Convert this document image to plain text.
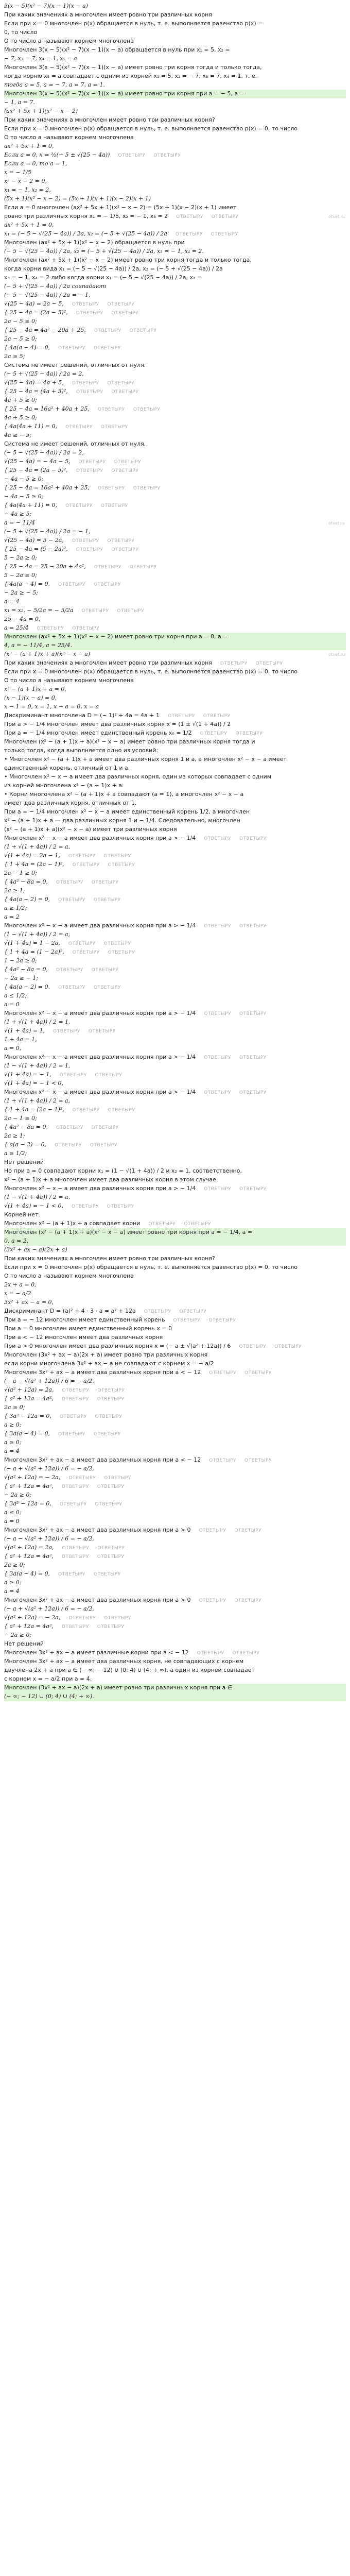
3(x − 5)(x² − 7)(x − 1)(x − a)
При каких значениях a многочлен имеет ровно три различных корня
Если при x = 0 многочлен p(x) обращается в нуль, т. е. выполняется равенство p(x) =
0, то число
О то число a называют корнем многочлена
Многочлен 3(x − 5)(x² − 7)(x − 1)(x − a) обращается в нуль при x₁ = 5, x₂ =
− 7, x₃ = 7, x₄ = 1, x₅ = a
Многочлен 3(x − 5)(x² − 7)(x − 1)(x − a) имеет ровно три корня тогда и только тогда,
когда корню x₅ = a совпадает с одним из корней x₁ = 5, x₂ = − 7, x₃ = 7, x₄ = 1, т. е.
тогда a = 5, a = − 7, a = 7, a = 1.
Многочлен 3(x − 5)(x² − 7)(x − 1)(x − a) имеет ровно три корня при a = − 5, a =
− 1, a = 7.
(ax² + 5x + 1)(x² − x − 2)
При каких значениях a многочлен имеет ровно три различных корня?
Если при x = 0 многочлен p(x) обращается в нуль, т. е. выполняется равенство p(x) = 0, то число
О то число a называют корнем многочлена
ax² + 5x + 1 = 0,
Если a = 0, x = ½(− 5 ± √(25 − 4a)) ОТВЕТЫРУ ОТВЕТЫРУ
Если a = 0, то a = 1,
x = − 1/5
x² − x − 2 = 0,
x₁ = − 1, x₂ = 2,
(5x + 1)(x² − x − 2) = (5x + 1)(x + 1)(x − 2)(x + 1)
Если a = 0 многочлен (ax² + 5x + 1)(x² − x − 2) = (5x + 1)(x − 2)(x + 1) имеет
ровно три различных корня x₁ = − 1/5, x₂ = − 1, x₃ = 2 ОТВЕТЫРУ ОТВЕТЫРУ	otvet.ru
ax² + 5x + 1 = 0,
x₁ = (− 5 − √(25 − 4a)) / 2a, x₂ = (− 5 + √(25 − 4a)) / 2a ОТВЕТЫРУ ОТВЕТЫРУ
Многочлен (ax² + 5x + 1)(x² − x − 2) обращается в нуль при
(− 5 − √(25 − 4a)) / 2a, x₂ = (− 5 + √(25 − 4a)) / 2a, x₃ = − 1, x₄ = 2.
Многочлен (ax² + 5x + 1)(x² − x − 2) имеет ровно три корня тогда и только тогда,
когда корни вида x₁ = (− 5 − √(25 − 4a)) / 2a, x₂ = (− 5 + √(25 − 4a)) / 2a
x₃ = − 1, x₄ = 2 либо когда корни x₁ = (− 5 − √(25 − 4a)) / 2a, x₂ =
(− 5 + √(25 − 4a)) / 2a совпадают
(− 5 − √(25 − 4a)) / 2a = − 1,
√(25 − 4a) = 2a − 5, ОТВЕТЫРУ ОТВЕТЫРУ
{ 25 − 4a = (2a − 5)², ОТВЕТЫРУ ОТВЕТЫРУ
2a − 5 ≥ 0;
{ 25 − 4a = 4a² − 20a + 25, ОТВЕТЫРУ ОТВЕТЫРУ
2a − 5 ≥ 0;
{ 4a(a − 4) = 0, ОТВЕТЫРУ ОТВЕТЫРУ
2a ≥ 5;
Система не имеет решений, отличных от нуля.
(− 5 + √(25 − 4a)) / 2a = 2,
√(25 − 4a) = 4a + 5, ОТВЕТЫРУ ОТВЕТЫРУ
{ 25 − 4a = (4a + 5)², ОТВЕТЫРУ ОТВЕТЫРУ
4a + 5 ≥ 0;
{ 25 − 4a = 16a² + 40a + 25, ОТВЕТЫРУ ОТВЕТЫРУ
4a + 5 ≥ 0;
{ 4a(4a + 11) = 0, ОТВЕТЫРУ ОТВЕТЫРУ
4a ≥ − 5;
Система не имеет решений, отличных от нуля.
(− 5 − √(25 − 4a)) / 2a = 2,
√(25 − 4a) = − 4a − 5, ОТВЕТЫРУ ОТВЕТЫРУ
{ 25 − 4a = (2a − 5)², ОТВЕТЫРУ ОТВЕТЫРУ
− 4a − 5 ≥ 0;
{ 25 − 4a = 16a² + 40a + 25, ОТВЕТЫРУ ОТВЕТЫРУ
− 4a − 5 ≥ 0;
{ 4a(4a + 11) = 0, ОТВЕТЫРУ ОТВЕТЫРУ
− 4a ≥ 5;
a = − 11/4	otvet.ru
(− 5 + √(25 − 4a)) / 2a = − 1,
√(25 − 4a) = 5 − 2a, ОТВЕТЫРУ ОТВЕТЫРУ
{ 25 − 4a = (5 − 2a)², ОТВЕТЫРУ ОТВЕТЫРУ
5 − 2a ≥ 0;
{ 25 − 4a = 25 − 20a + 4a², ОТВЕТЫРУ ОТВЕТЫРУ
5 − 2a ≥ 0;
{ 4a(a − 4) = 0, ОТВЕТЫРУ ОТВЕТЫРУ
− 2a ≥ − 5;
a = 4
x₁ = x₂, − 5/2a = − 5/2a ОТВЕТЫРУ ОТВЕТЫРУ
25 − 4a = 0,
a = 25/4 ОТВЕТЫРУ ОТВЕТЫРУ
Многочлен (ax² + 5x + 1)(x² − x − 2) имеет ровно три корня при a = 0, a =
4, a = − 11/4, a = 25/4.
(x² − (a + 1)x + a)(x² − x − a)	otvet.ru
При каких значениях a многочлен имеет ровно три различных корня ОТВЕТЫРУ ОТВЕТЫРУ
Если при x = 0 многочлен p(x) обращается в нуль, т. е. выполняется равенство p(x) = 0, то число
О то число a называют корнем многочлена
x² − (a + 1)x + a = 0,
(x − 1)(x − a) = 0,
x − 1 = 0, x = 1, x − a = 0, x = a
Дискриминант многочлена D = (− 1)² + 4a = 4a + 1 ОТВЕТЫРУ ОТВЕТЫРУ
При a > − 1/4 многочлен имеет два различных корня x = (1 ± √(1 + 4a)) / 2
При a = − 1/4 многочлен имеет единственный корень x₀ = 1/2 ОТВЕТЫРУ ОТВЕТЫРУ
Многочлен (x² − (a + 1)x + a)(x² − x − a) имеет ровно три различных корня тогда и
только тогда, когда выполняется одно из условий:
• Многочлен x² − (a + 1)x + a имеет два различных корня 1 и a, а многочлен x² − x − a имеет
единственный корень, отличный от 1 и a.
• Многочлен x² − x − a имеет два различных корня, один из которых совпадает с одним
из корней многочлена x² − (a + 1)x + a.
• Корни многочлена x² − (a + 1)x + a совпадают (a = 1), а многочлен x² − x − a
имеет два различных корня, отличных от 1.
При a = − 1/4 многочлен x² − x − a имеет единственный корень 1/2, a многочлен
x² − (a + 1)x + a — два различных корня 1 и − 1/4. Следовательно, многочлен
(x² − (a + 1)x + a)(x² − x − a) имеет три различных корня
Многочлен x² − x − a имеет два различных корня при a > − 1/4 ОТВЕТЫРУ ОТВЕТЫРУ
(1 + √(1 + 4a)) / 2 = a,
√(1 + 4a) = 2a − 1, ОТВЕТЫРУ ОТВЕТЫРУ
{ 1 + 4a = (2a − 1)², ОТВЕТЫРУ ОТВЕТЫРУ
2a − 1 ≥ 0;
{ 4a² − 8a = 0, ОТВЕТЫРУ ОТВЕТЫРУ
2a ≥ 1;
{ 4a(a − 2) = 0, ОТВЕТЫРУ ОТВЕТЫРУ
a ≥ 1/2;
a = 2
Многочлен x² − x − a имеет два различных корня при a > − 1/4 ОТВЕТЫРУ ОТВЕТЫРУ
(1 − √(1 + 4a)) / 2 = a,
√(1 + 4a) = 1 − 2a, ОТВЕТЫРУ ОТВЕТЫРУ
{ 1 + 4a = (1 − 2a)², ОТВЕТЫРУ ОТВЕТЫРУ
1 − 2a ≥ 0;
{ 4a² − 8a = 0, ОТВЕТЫРУ ОТВЕТЫРУ
− 2a ≥ − 1;
{ 4a(a − 2) = 0, ОТВЕТЫРУ ОТВЕТЫРУ
a ≤ 1/2;
a = 0
Многочлен x² − x − a имеет два различных корня при a > − 1/4 ОТВЕТЫРУ ОТВЕТЫРУ
(1 + √(1 + 4a)) / 2 = 1,
√(1 + 4a) = 1, ОТВЕТЫРУ ОТВЕТЫРУ
1 + 4a = 1,
a = 0,
Многочлен x² − x − a имеет два различных корня при a > − 1/4 ОТВЕТЫРУ ОТВЕТЫРУ
(1 − √(1 + 4a)) / 2 = 1,
√(1 + 4a) = − 1, ОТВЕТЫРУ ОТВЕТЫРУ
√(1 + 4a) = − 1 < 0,
Многочлен x² − x − a имеет два различных корня при a > − 1/4 ОТВЕТЫРУ ОТВЕТЫРУ
(1 + √(1 + 4a)) / 2 = a,
{ 1 + 4a = (2a − 1)², ОТВЕТЫРУ ОТВЕТЫРУ
2a − 1 ≥ 0;
{ 4a² − 8a = 0, ОТВЕТЫРУ ОТВЕТЫРУ
2a ≥ 1;
{ a(a − 2) = 0, ОТВЕТЫРУ ОТВЕТЫРУ
a ≥ 1/2;
Нет решений
Но при a = 0 совпадают корни x₁ = (1 − √(1 + 4a)) / 2 и x₂ = 1, соответственно,
x² − (a + 1)x + a многочлен имеет два различных корня в этом случае.
Многочлен x² − x − a имеет два различных корня при a > − 1/4 ОТВЕТЫРУ ОТВЕТЫРУ
(1 − √(1 + 4a)) / 2 = a,
√(1 + 4a) = − 1 < 0, ОТВЕТЫРУ ОТВЕТЫРУ
Корней нет.
Многочлен x² − (a + 1)x + a совпадает корни ОТВЕТЫРУ ОТВЕТЫРУ
Многочлен (x² − (a + 1)x + a)(x² − x − a) имеет ровно три корня при a = − 1/4, a =
0, a = 2.
(3x² + ax − a)(2x + a)
При каких значениях a многочлен имеет ровно три различных корня?
Если при x = 0 многочлен p(x) обращается в нуль, т. е. выполняется равенство p(x) = 0, то число
О то число a называют корнем многочлена
2x + a = 0,
x = − a/2
3x² + ax − a = 0,
Дискриминант D = (a)² + 4 · 3 · a = a² + 12a ОТВЕТЫРУ ОТВЕТЫРУ
При a = − 12 многочлен имеет единственный корень ОТВЕТЫРУ ОТВЕТЫРУ
При a = 0 многочлен имеет единственный корень x = 0
При a < − 12 многочлен имеет два различных корня
При a > 0 многочлен имеет два различных корня x = (− a ± √(a² + 12a)) / 6 ОТВЕТЫРУ ОТВЕТЫРУ
Многочлен (3x² + ax − a)(2x + a) имеет ровно три различных корня
если корни многочлена 3x² + ax − a не совпадают с корнем x = − a/2
Многочлен 3x² + ax − a имеет два различных корня при a < − 12 ОТВЕТЫРУ ОТВЕТЫРУ
(− a − √(a² + 12a)) / 6 = − a/2,
√(a² + 12a) = 2a, ОТВЕТЫРУ ОТВЕТЫРУ
{ a² + 12a = 4a², ОТВЕТЫРУ ОТВЕТЫРУ
2a ≥ 0;
{ 3a² − 12a = 0, ОТВЕТЫРУ ОТВЕТЫРУ
a ≥ 0;
{ 3a(a − 4) = 0, ОТВЕТЫРУ ОТВЕТЫРУ
a ≥ 0;
a = 4
Многочлен 3x² + ax − a имеет два различных корня при a < − 12 ОТВЕТЫРУ ОТВЕТЫРУ
(− a + √(a² + 12a)) / 6 = − a/2,
√(a² + 12a) = − 2a, ОТВЕТЫРУ ОТВЕТЫРУ
{ a² + 12a = 4a², ОТВЕТЫРУ ОТВЕТЫРУ
− 2a ≥ 0;
{ 3a² − 12a = 0, ОТВЕТЫРУ ОТВЕТЫРУ
a ≤ 0;
a = 0
Многочлен 3x² + ax − a имеет два различных корня при a > 0 ОТВЕТЫРУ ОТВЕТЫРУ
(− a − √(a² + 12a)) / 6 = − a/2,
√(a² + 12a) = 2a, ОТВЕТЫРУ ОТВЕТЫРУ
{ a² + 12a = 4a², ОТВЕТЫРУ ОТВЕТЫРУ
2a ≥ 0;
{ 3a(a − 4) = 0, ОТВЕТЫРУ ОТВЕТЫРУ
a ≥ 0;
a = 4
Многочлен 3x² + ax − a имеет два различных корня при a > 0 ОТВЕТЫРУ ОТВЕТЫРУ
(− a + √(a² + 12a)) / 6 = − a/2,
√(a² + 12a) = − 2a, ОТВЕТЫРУ ОТВЕТЫРУ
{ a² + 12a = 4a², ОТВЕТЫРУ ОТВЕТЫРУ
− 2a ≥ 0;
Нет решений
Многочлен 3x² + ax − a имеет различные корни при a < − 12 ОТВЕТЫРУ ОТВЕТЫРУ
Многочлен 3x² + ax − a имеет два различных корня, не совпадающих с корнем
двучлена 2x + a при a ∈ (− ∞; − 12) ∪ (0; 4) ∪ (4; + ∞), а один из корней совпадает
с корнем x = − a/2 при a = 4.
Многочлен (3x² + ax − a)(2x + a) имеет ровно три различных корня при a ∈
(− ∞; − 12) ∪ (0; 4) ∪ (4; + ∞).
